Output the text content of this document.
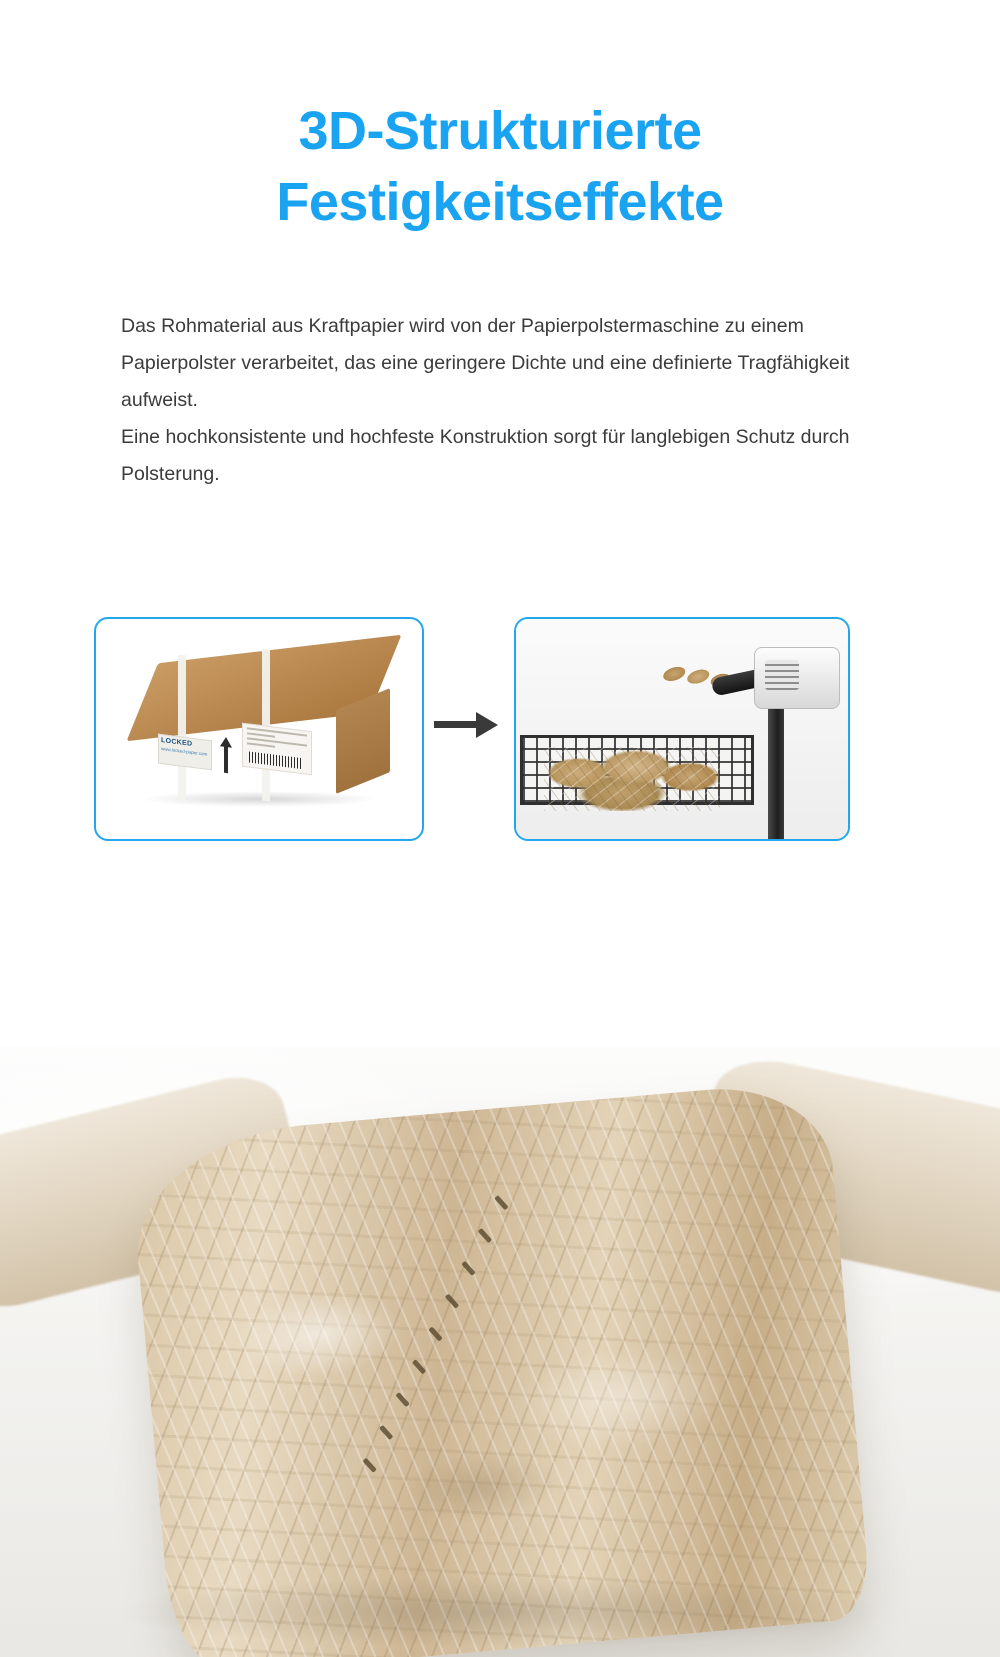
3D-Strukturierte
Festigkeitseffekte

Das Rohmaterial aus Kraftpapier wird von der Papierpolstermaschine zu einem Papierpolster verarbeitet, das eine geringere Dichte und eine definierte Tragfähigkeit aufweist.

Eine hochkonsistente und hochfeste Konstruktion sorgt für langlebigen Schutz durch Polsterung.

LOCKED
www.locked-paper.com
